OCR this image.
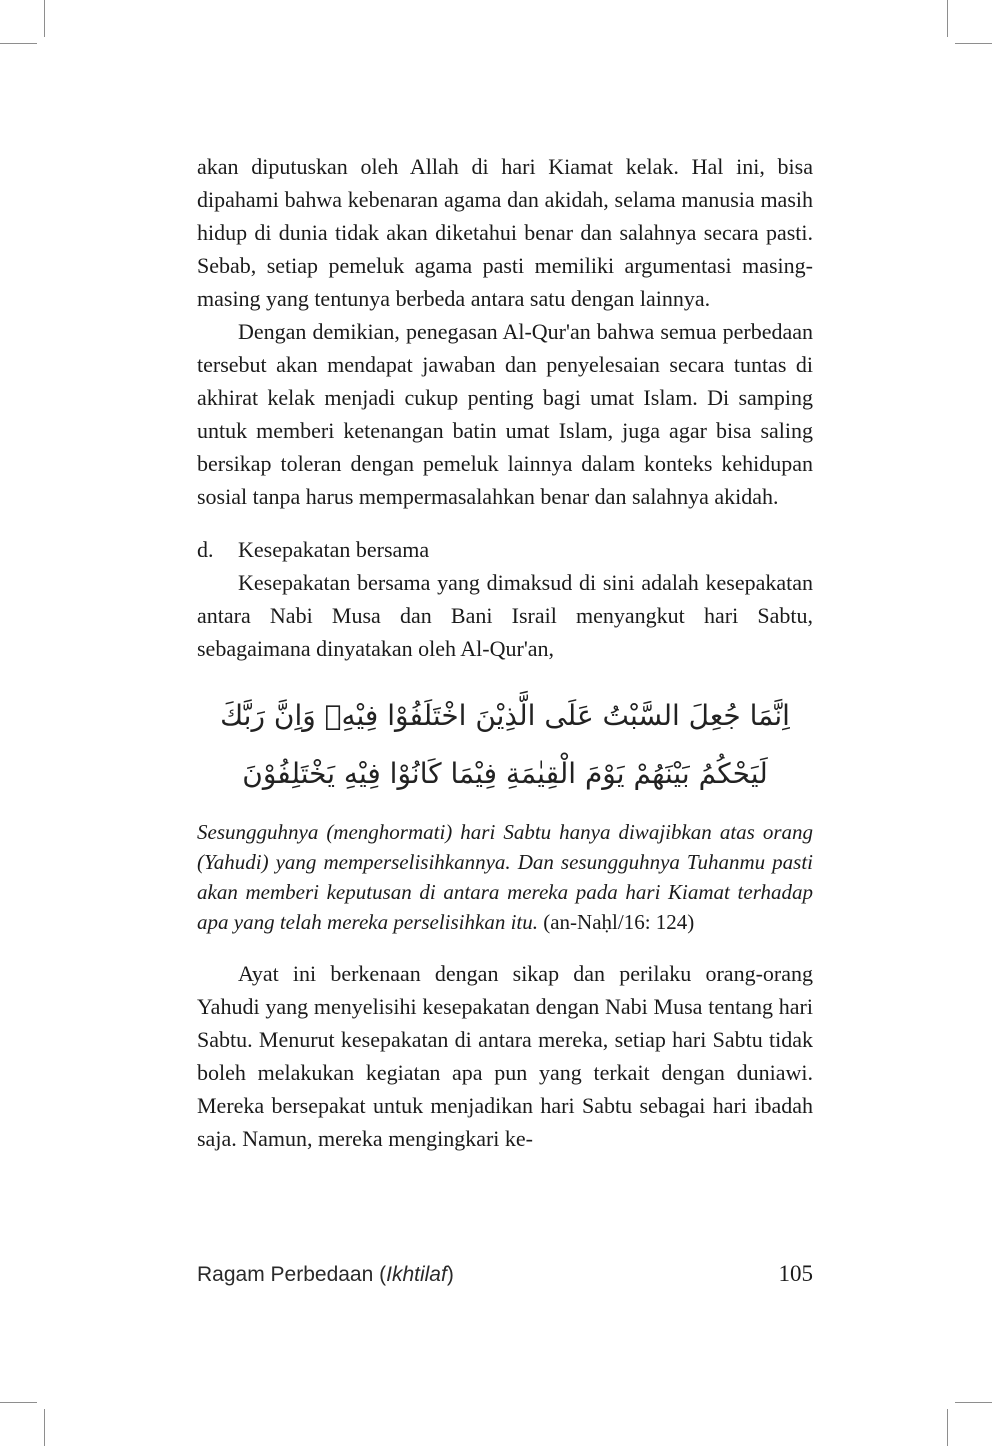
akan diputuskan oleh Allah di hari Kiamat kelak. Hal ini, bisa dipahami bahwa kebenaran agama dan akidah, selama manusia masih hidup di dunia tidak akan diketahui benar dan salahnya secara pasti. Sebab, setiap pemeluk agama pasti memiliki argumentasi masing-masing yang tentunya berbeda antara satu dengan lainnya.

Dengan demikian, penegasan Al-Qur'an bahwa semua perbedaan tersebut akan mendapat jawaban dan penyelesaian secara tuntas di akhirat kelak menjadi cukup penting bagi umat Islam. Di samping untuk memberi ketenangan batin umat Islam, juga agar bisa saling bersikap toleran dengan pemeluk lainnya dalam konteks kehidupan sosial tanpa harus mempermasalahkan benar dan salahnya akidah.

d.	Kesepakatan bersama

Kesepakatan bersama yang dimaksud di sini adalah kesepakatan antara Nabi Musa dan Bani Israil menyangkut hari Sabtu, sebagaimana dinyatakan oleh Al-Qur'an,

اِنَّمَا جُعِلَ السَّبْتُ عَلَى الَّذِيْنَ اخْتَلَفُوْا فِيْهِۗ وَاِنَّ رَبَّكَ لَيَحْكُمُ بَيْنَهُمْ يَوْمَ الْقِيٰمَةِ فِيْمَا كَانُوْا فِيْهِ يَخْتَلِفُوْنَ

Sesungguhnya (menghormati) hari Sabtu hanya diwajibkan atas orang (Yahudi) yang memperselisihkannya. Dan sesungguhnya Tuhanmu pasti akan memberi keputusan di antara mereka pada hari Kiamat terhadap apa yang telah mereka perselisihkan itu. (an-Naḥl/16: 124)

Ayat ini berkenaan dengan sikap dan perilaku orang-orang Yahudi yang menyelisihi kesepakatan dengan Nabi Musa tentang hari Sabtu. Menurut kesepakatan di antara mereka, setiap hari Sabtu tidak boleh melakukan kegiatan apa pun yang terkait dengan duniawi. Mereka bersepakat untuk menjadikan hari Sabtu sebagai hari ibadah saja. Namun, mereka mengingkari ke-

Ragam Perbedaan (Ikhtilaf)	105
